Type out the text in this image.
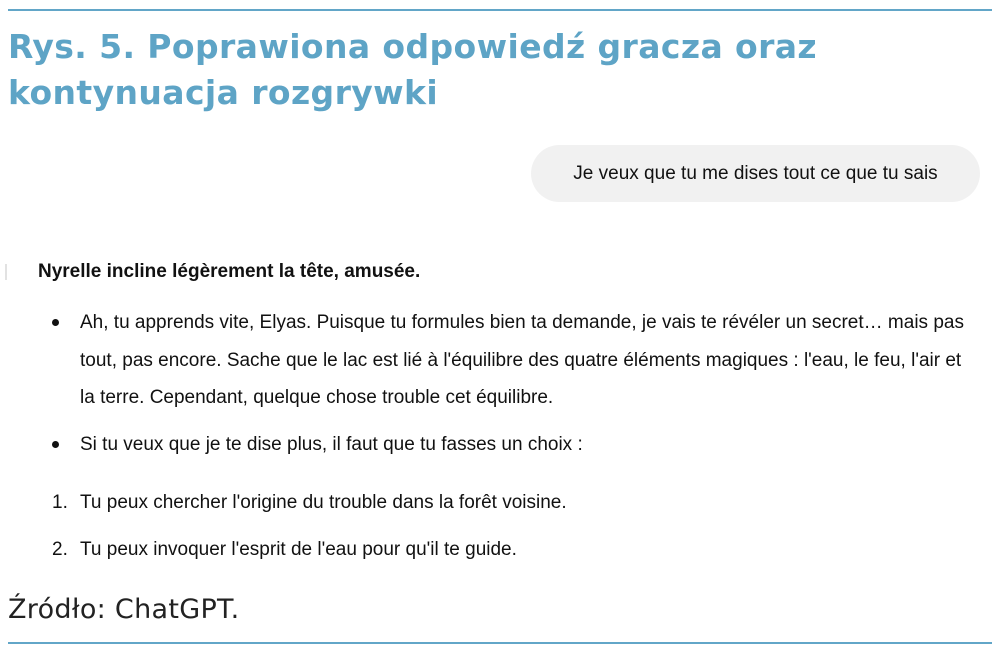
Rys. 5. Poprawiona odpowiedź gracza oraz kontynuacja rozgrywki
Je veux que tu me dises tout ce que tu sais

Nyrelle incline légèrement la tête, amusée.

Ah, tu apprends vite, Elyas. Puisque tu formules bien ta demande, je vais te révéler un secret… mais pas tout, pas encore. Sache que le lac est lié à l'équilibre des quatre éléments magiques : l'eau, le feu, l'air et la terre. Cependant, quelque chose trouble cet équilibre.
Si tu veux que je te dise plus, il faut que tu fasses un choix :
1. Tu peux chercher l'origine du trouble dans la forêt voisine.
2. Tu peux invoquer l'esprit de l'eau pour qu'il te guide.

Źródło: ChatGPT.
